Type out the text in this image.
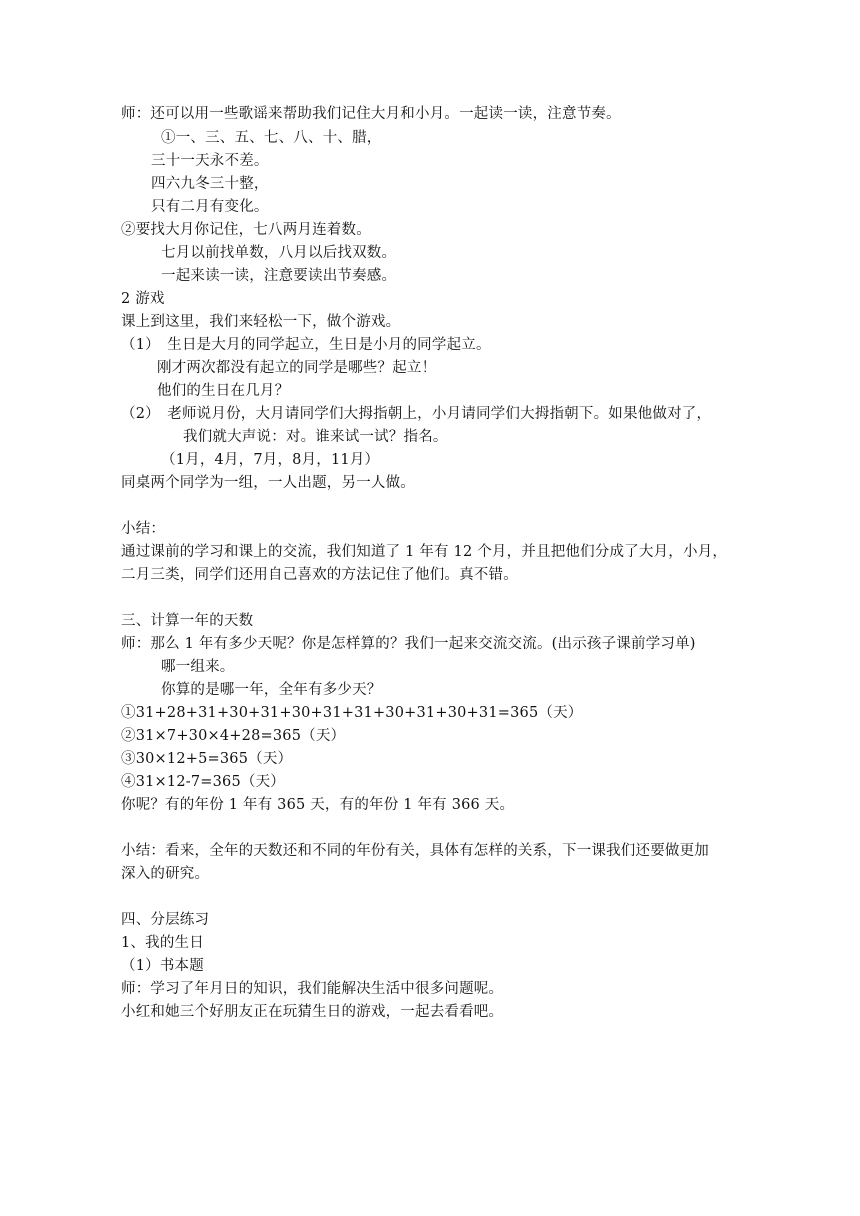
师：还可以用一些歌谣来帮助我们记住大月和小月。一起读一读，注意节奏。
①一、三、五、七、八、十、腊，
三十一天永不差。
四六九冬三十整，
只有二月有变化。
②要找大月你记住，七八两月连着数。
七月以前找单数，八月以后找双数。
一起来读一读，注意要读出节奏感。
2 游戏
课上到这里，我们来轻松一下，做个游戏。
（1）　生日是大月的同学起立，生日是小月的同学起立。
刚才两次都没有起立的同学是哪些？起立！
他们的生日在几月？
（2）　老师说月份，大月请同学们大拇指朝上，小月请同学们大拇指朝下。如果他做对了，
我们就大声说：对。谁来试一试？指名。
（1月，4月，7月，8月，11月）
同桌两个同学为一组，一人出题，另一人做。
小结：
通过课前的学习和课上的交流，我们知道了 1 年有 12 个月，并且把他们分成了大月，小月，
二月三类，同学们还用自己喜欢的方法记住了他们。真不错。
三、计算一年的天数
师：那么 1 年有多少天呢？你是怎样算的？我们一起来交流交流。(出示孩子课前学习单)
哪一组来。
你算的是哪一年，全年有多少天？
①31+28+31+30+31+30+31+31+30+31+30+31=365（天）
②31×7+30×4+28=365（天）
③30×12+5=365（天）
④31×12-7=365（天）
你呢？有的年份 1 年有 365 天，有的年份 1 年有 366 天。
小结：看来，全年的天数还和不同的年份有关，具体有怎样的关系，下一课我们还要做更加
深入的研究。
四、分层练习
1、我的生日
（1）书本题
师：学习了年月日的知识，我们能解决生活中很多问题呢。
小红和她三个好朋友正在玩猜生日的游戏，一起去看看吧。
